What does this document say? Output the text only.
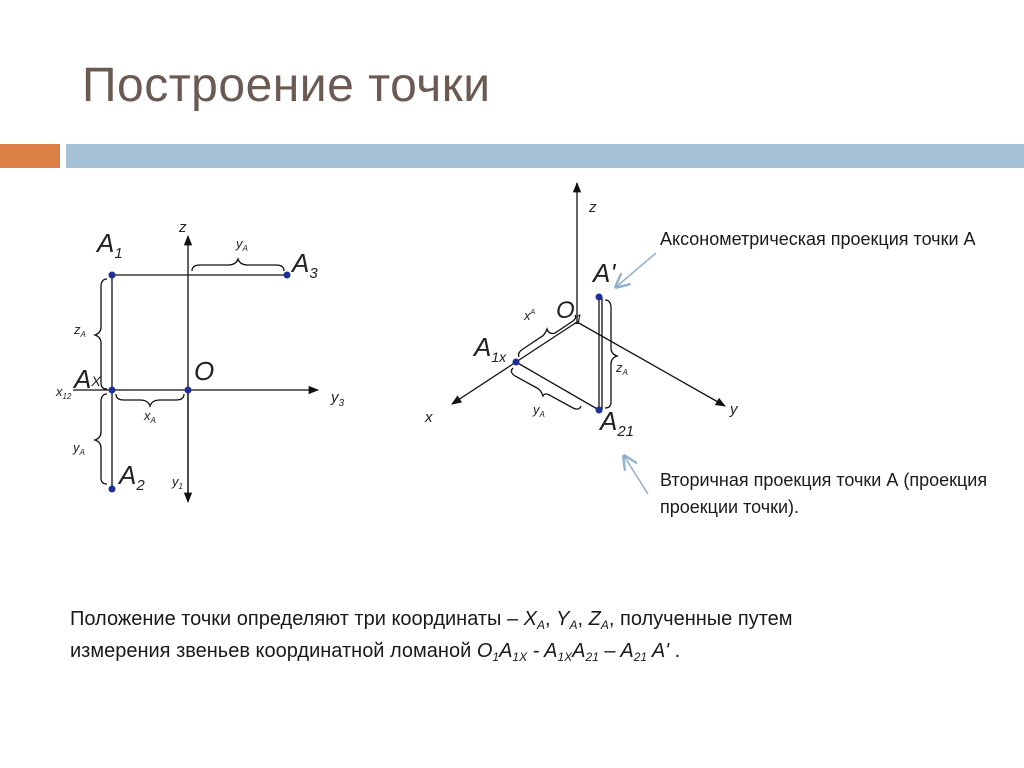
Построение точки
z
$A_1$
$y_A$ $A_3$
$z_A$
$x_{12}$
AX	O
$y_3$
$x_A$
$y_A$
$A_2$ $y_1$
z
A'
$O_1$
$x^A$
$A_{1x}$
$z_A$
x	$y_A$ $A_{21}$
y
Аксонометрическая проекция точки А
Вторичная проекция точки А (проекция проекции точки).
Положение точки определяют три координаты – $X_A$, $Y_A$, $Z_A$, полученные путем
измерения звеньев координатной ломаной $O_1A_{1X} - A_{1X}A_{21} - A_{21}$ A' .
